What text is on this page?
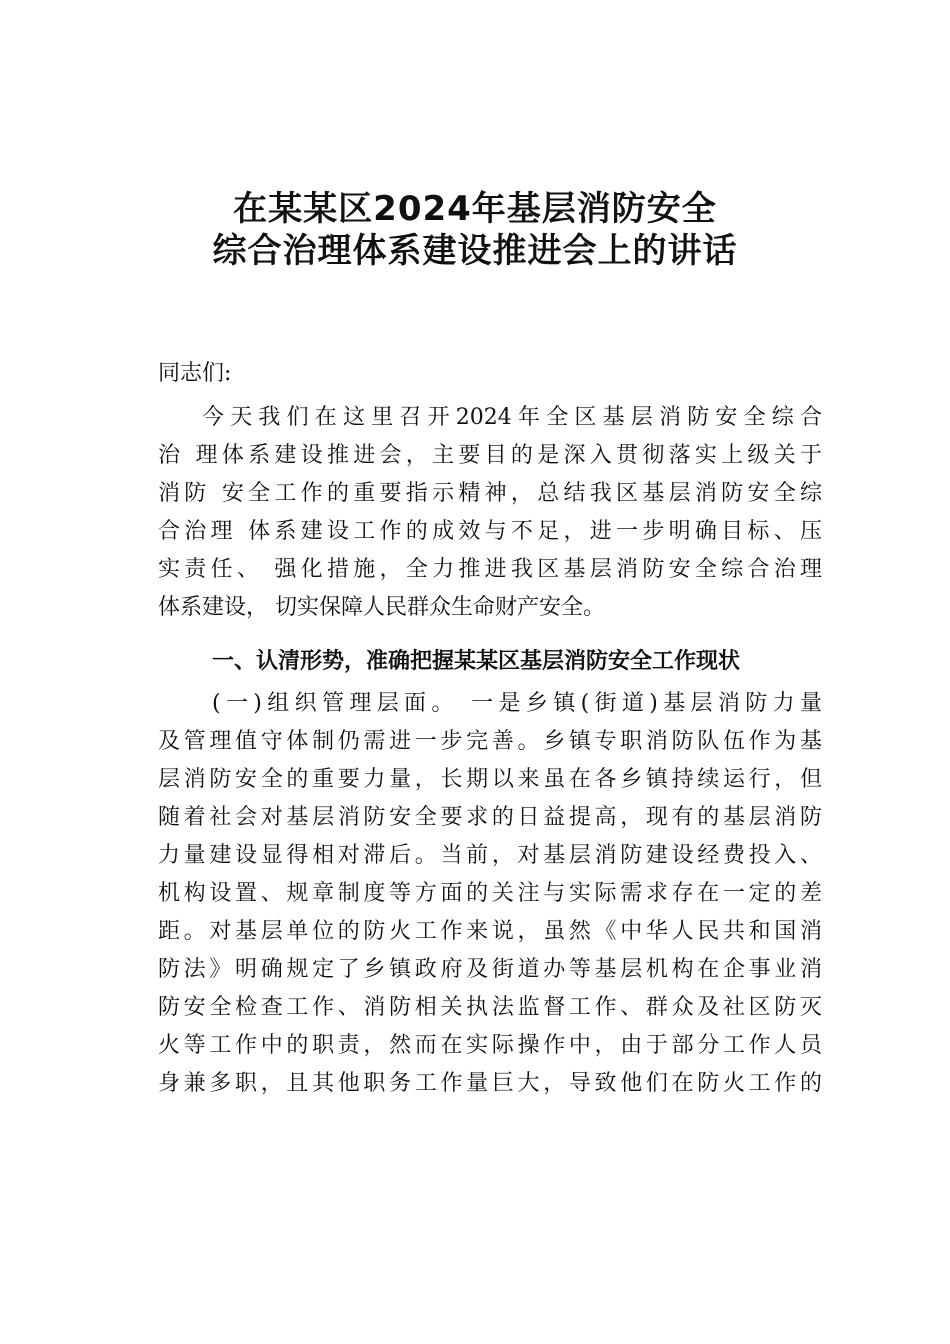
在某某区2024年基层消防安全
综合治理体系建设推进会上的讲话
同志们:
今天我们在这里召开2024年全区基层消防安全综合
治 理体系建设推进会，主要目的是深入贯彻落实上级关于
消防 安全工作的重要指示精神，总结我区基层消防安全综
合治理 体系建设工作的成效与不足，进一步明确目标、压
实责任、 强化措施，全力推进我区基层消防安全综合治理
体系建设， 切实保障人民群众生命财产安全。
一、认清形势，准确把握某某区基层消防安全工作现状
(一)组织管理层面。 一是乡镇(街道)基层消防力量
及管理值守体制仍需进一步完善。乡镇专职消防队伍作为基
层消防安全的重要力量，长期以来虽在各乡镇持续运行，但
随着社会对基层消防安全要求的日益提高，现有的基层消防
力量建设显得相对滞后。当前，对基层消防建设经费投入、
机构设置、规章制度等方面的关注与实际需求存在一定的差
距。对基层单位的防火工作来说，虽然《中华人民共和国消
防法》明确规定了乡镇政府及街道办等基层机构在企事业消
防安全检查工作、消防相关执法监督工作、群众及社区防灭
火等工作中的职责，然而在实际操作中，由于部分工作人员
身兼多职，且其他职务工作量巨大，导致他们在防火工作的
